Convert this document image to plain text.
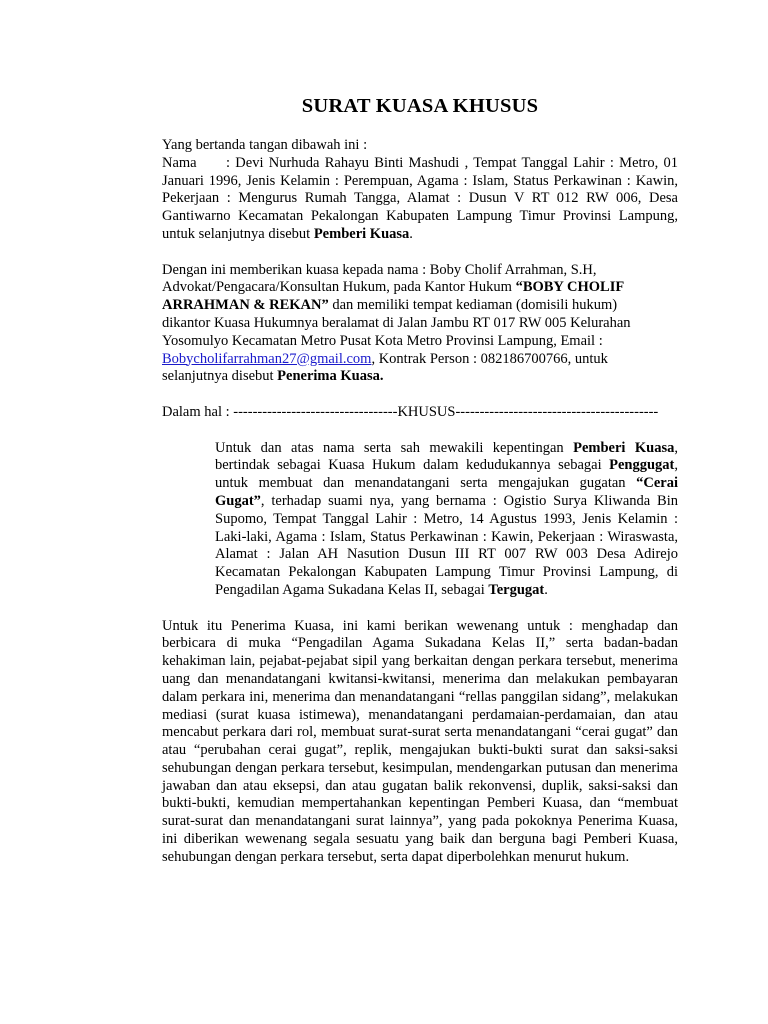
SURAT KUASA KHUSUS

Yang bertanda tangan dibawah ini :

Nama : Devi Nurhuda Rahayu Binti Mashudi , Tempat Tanggal Lahir : Metro, 01 Januari 1996, Jenis Kelamin : Perempuan, Agama : Islam, Status Perkawinan : Kawin, Pekerjaan : Mengurus Rumah Tangga, Alamat : Dusun V RT 012 RW 006, Desa Gantiwarno Kecamatan Pekalongan Kabupaten Lampung Timur Provinsi Lampung, untuk selanjutnya disebut Pemberi Kuasa.

Dengan ini memberikan kuasa kepada nama : Boby Cholif Arrahman, S.H,
Advokat/Pengacara/Konsultan Hukum, pada Kantor Hukum “BOBY CHOLIF
ARRAHMAN & REKAN” dan memiliki tempat kediaman (domisili hukum)
dikantor Kuasa Hukumnya beralamat di Jalan Jambu RT 017 RW 005 Kelurahan
Yosomulyo Kecamatan Metro Pusat Kota Metro Provinsi Lampung, Email :
Bobycholifarrahman27@gmail.com, Kontrak Person : 082186700766, untuk
selanjutnya disebut Penerima Kuasa.

Dalam hal : ----------------------------------KHUSUS------------------------------------------

Untuk dan atas nama serta sah mewakili kepentingan Pemberi Kuasa, bertindak sebagai Kuasa Hukum dalam kedudukannya sebagai Penggugat, untuk membuat dan menandatangani serta mengajukan gugatan “Cerai Gugat”, terhadap suami nya, yang bernama : Ogistio Surya Kliwanda Bin Supomo, Tempat Tanggal Lahir : Metro, 14 Agustus 1993, Jenis Kelamin : Laki-laki, Agama : Islam, Status Perkawinan : Kawin, Pekerjaan : Wiraswasta, Alamat : Jalan AH Nasution Dusun III RT 007 RW 003 Desa Adirejo Kecamatan Pekalongan Kabupaten Lampung Timur Provinsi Lampung, di Pengadilan Agama Sukadana Kelas II, sebagai Tergugat.

Untuk itu Penerima Kuasa, ini kami berikan wewenang untuk : menghadap dan berbicara di muka “Pengadilan Agama Sukadana Kelas II,” serta badan-badan kehakiman lain, pejabat-pejabat sipil yang berkaitan dengan perkara tersebut, menerima uang dan menandatangani kwitansi-kwitansi, menerima dan melakukan pembayaran dalam perkara ini, menerima dan menandatangani “rellas panggilan sidang”, melakukan mediasi (surat kuasa istimewa), menandatangani perdamaian-perdamaian, dan atau mencabut perkara dari rol, membuat surat-surat serta menandatangani “cerai gugat” dan atau “perubahan cerai gugat”, replik, mengajukan bukti-bukti surat dan saksi-saksi sehubungan dengan perkara tersebut, kesimpulan, mendengarkan putusan dan menerima jawaban dan atau eksepsi, dan atau gugatan balik rekonvensi, duplik, saksi-saksi dan bukti-bukti, kemudian mempertahankan kepentingan Pemberi Kuasa, dan “membuat surat-surat dan menandatangani surat lainnya”, yang pada pokoknya Penerima Kuasa, ini diberikan wewenang segala sesuatu yang baik dan berguna bagi Pemberi Kuasa, sehubungan dengan perkara tersebut, serta dapat diperbolehkan menurut hukum.
